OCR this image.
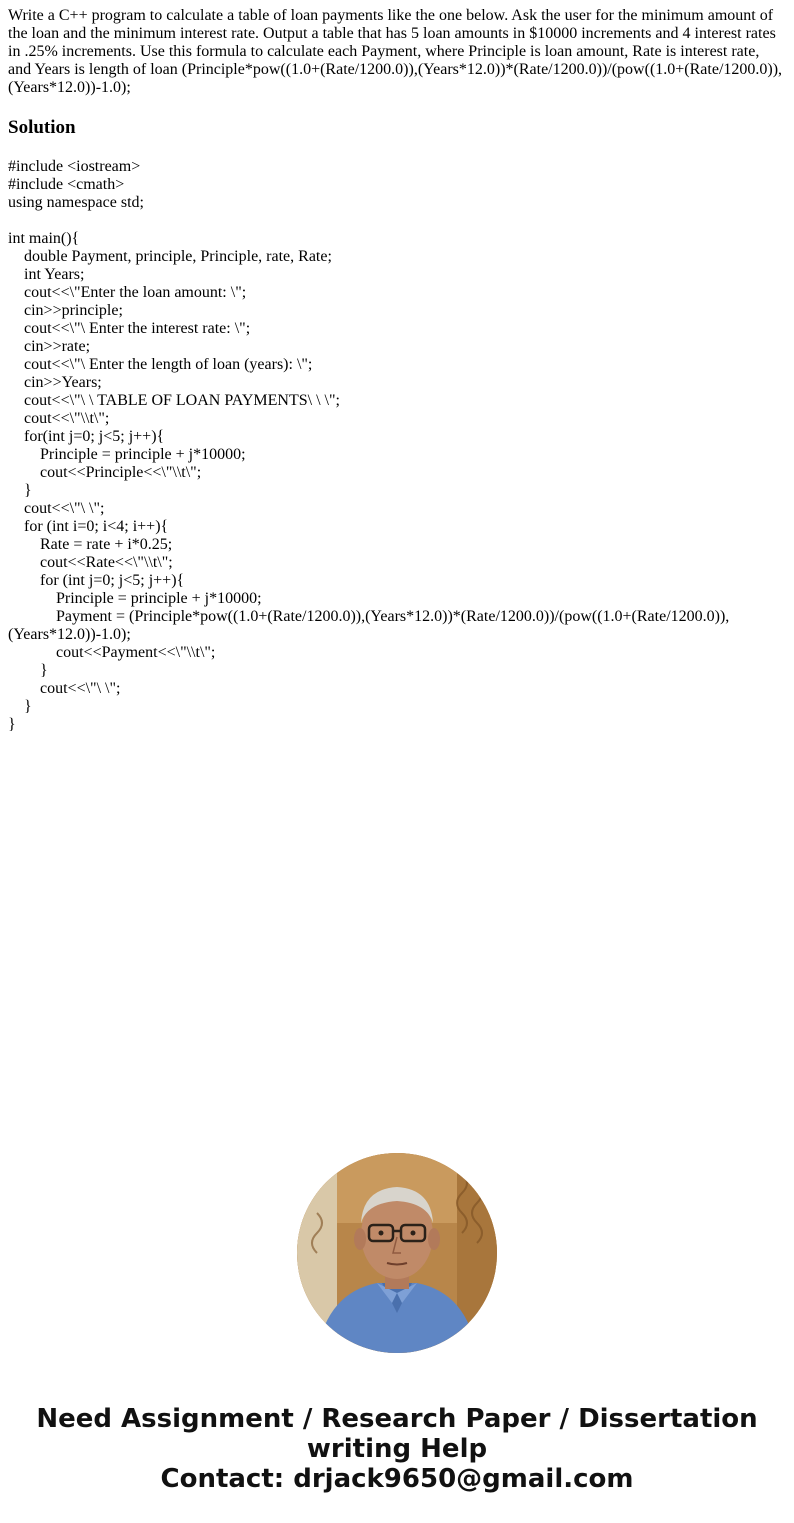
Write a C++ program to calculate a table of loan payments like the one below. Ask the user for the minimum amount of the loan and the minimum interest rate. Output a table that has 5 loan amounts in $10000 increments and 4 interest rates in .25% increments. Use this formula to calculate each Payment, where Principle is loan amount, Rate is interest rate, and Years is length of loan (Principle*pow((1.0+(Rate/1200.0)),(Years*12.0))*(Rate/1200.0))/(pow((1.0+(Rate/1200.0)),(Years*12.0))-1.0);

Solution
#include <iostream>
#include <cmath>
using namespace std;
int main(){
double Payment, principle, Principle, rate, Rate;
int Years;
cout<<\"Enter the loan amount: \";
cin>>principle;
cout<<\"\ Enter the interest rate: \";
cin>>rate;
cout<<\"\ Enter the length of loan (years): \";
cin>>Years;
cout<<\"\ \ TABLE OF LOAN PAYMENTS\ \ \";
cout<<\"\\t\";
for(int j=0; j<5; j++){
Principle = principle + j*10000;
cout<<Principle<<\"\\t\";
}
cout<<\"\ \";
for (int i=0; i<4; i++){
Rate = rate + i*0.25;
cout<<Rate<<\"\\t\";
for (int j=0; j<5; j++){
Principle = principle + j*10000;
Payment = (Principle*pow((1.0+(Rate/1200.0)),(Years*12.0))*(Rate/1200.0))/(pow((1.0+(Rate/1200.0)),(Years*12.0))-1.0);
cout<<Payment<<\"\\t\";
}
cout<<\"\ \";
}
}
Need Assignment / Research Paper / Dissertation
writing Help
Contact: drjack9650@gmail.com
